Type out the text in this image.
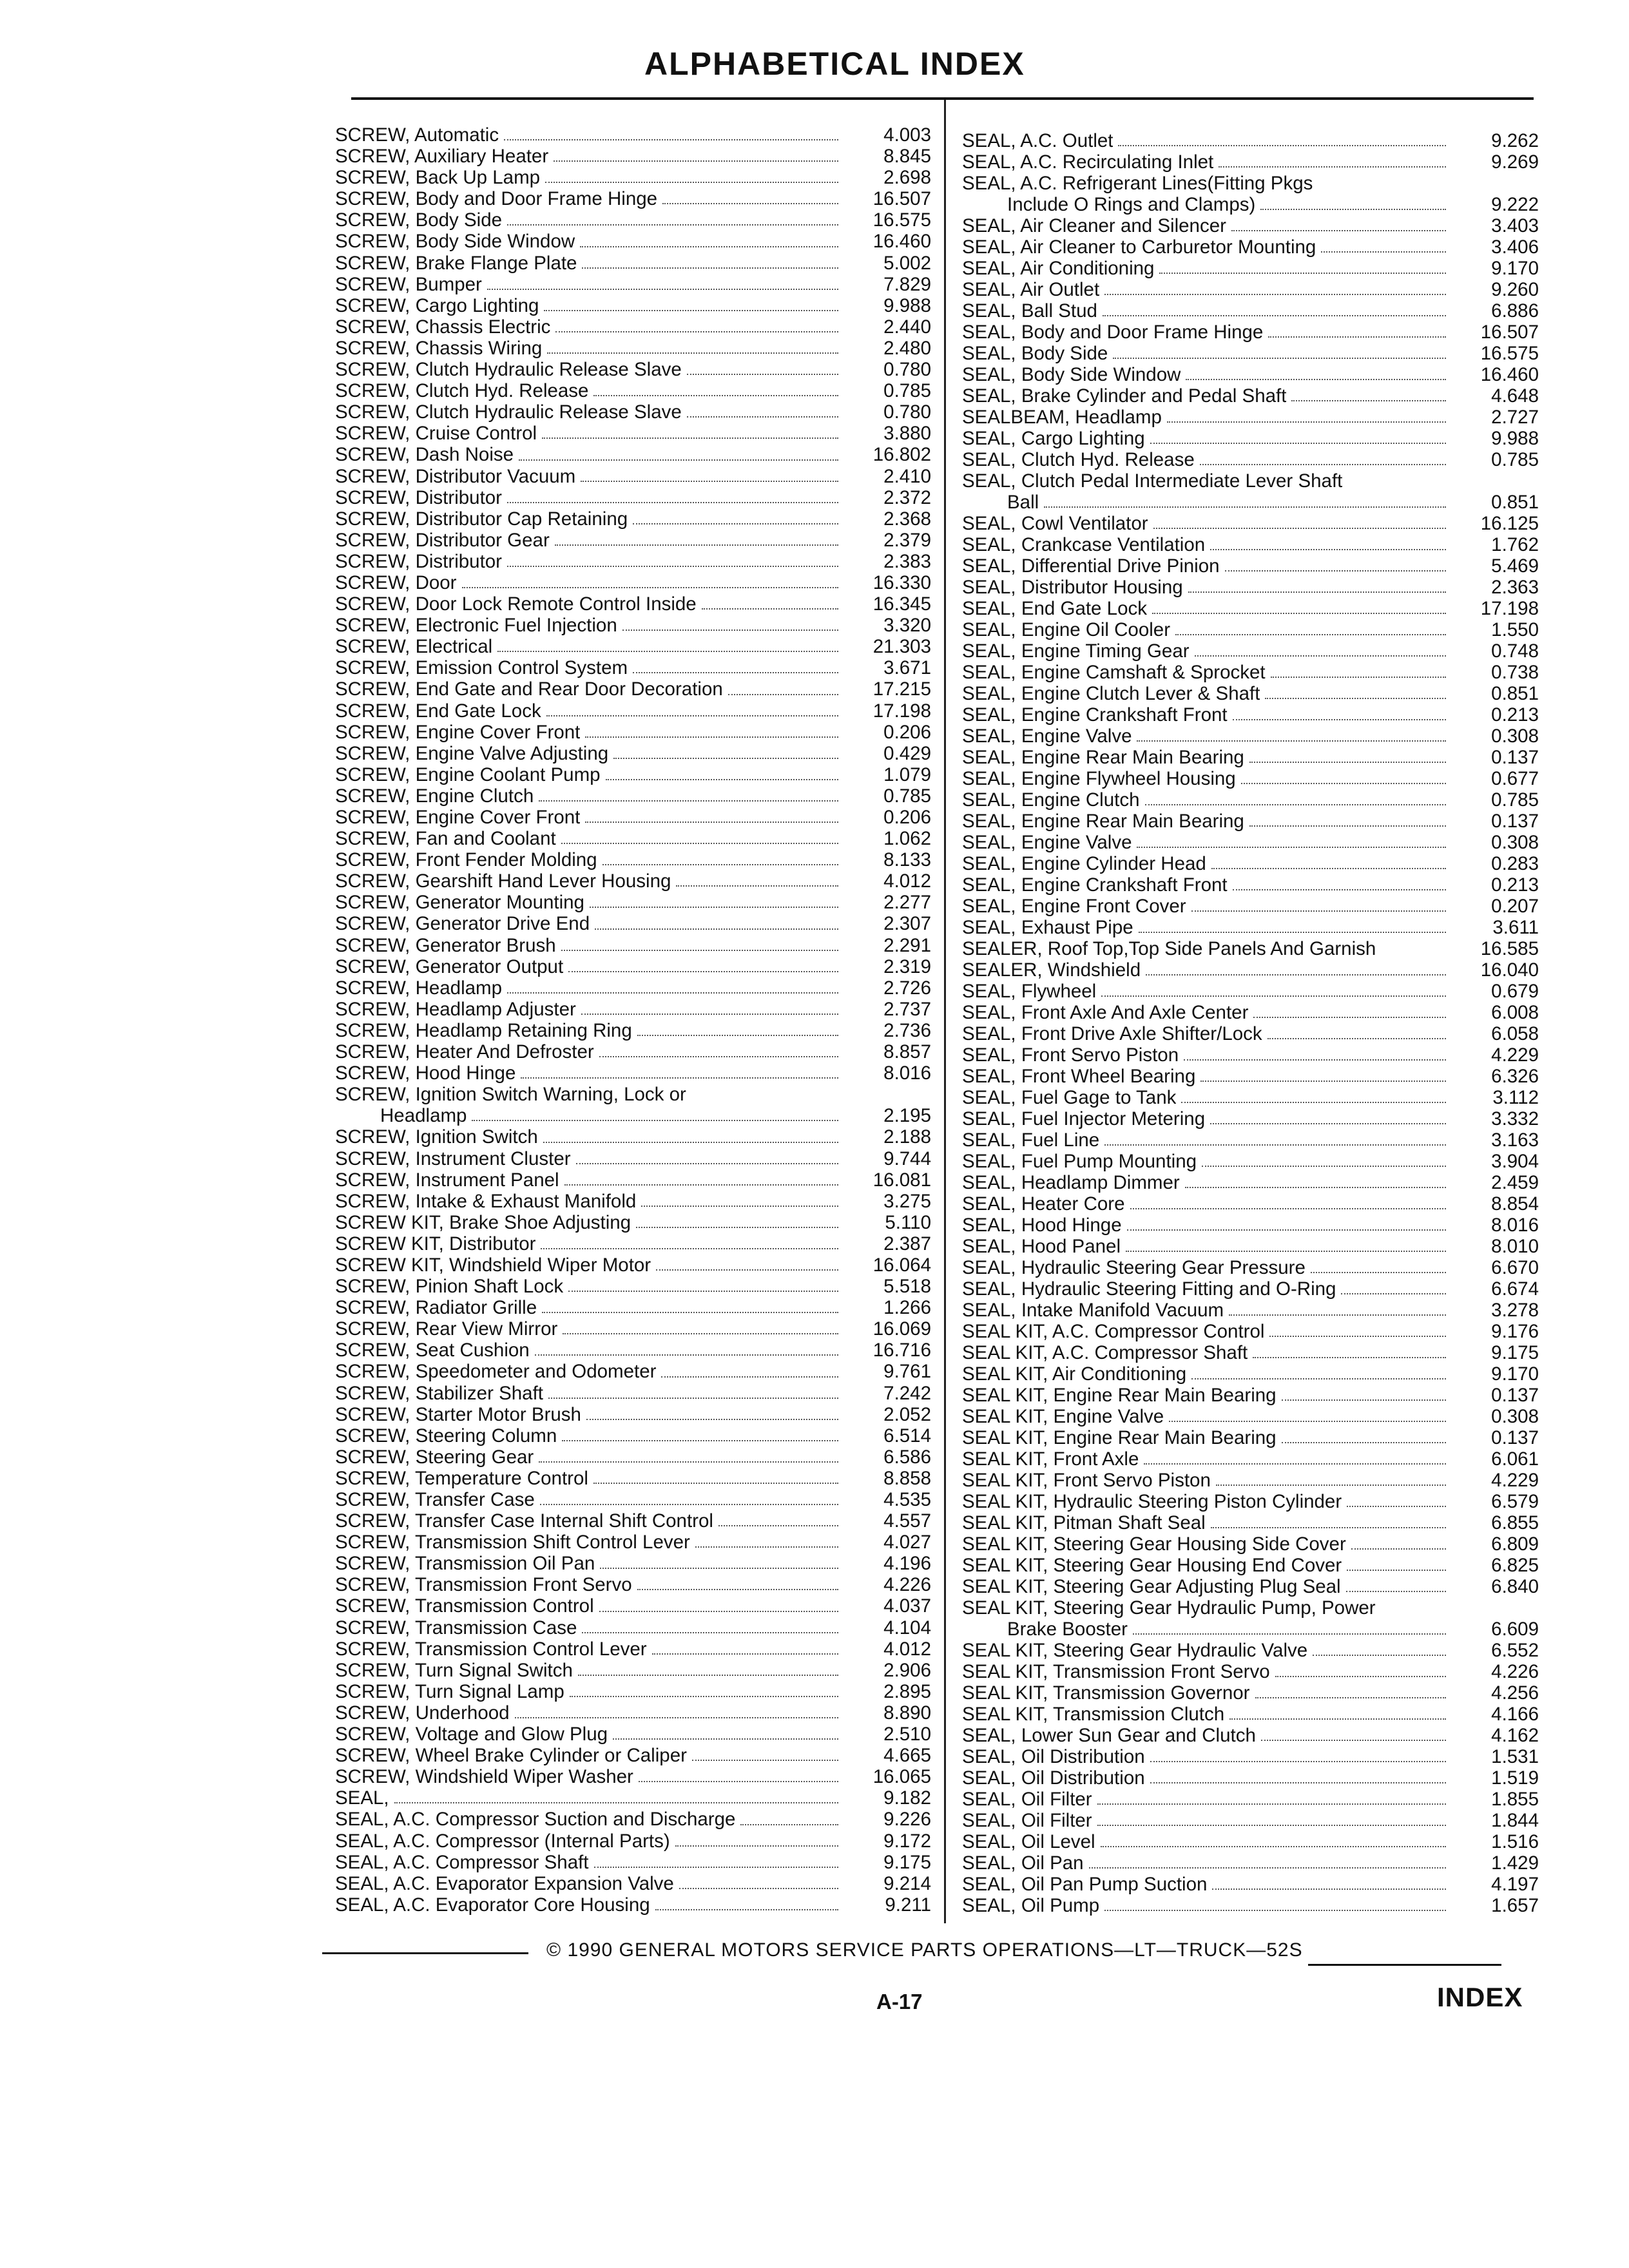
ALPHABETICAL INDEX
SCREW, Automatic	4.003
SCREW, Auxiliary Heater	8.845
SCREW, Back Up Lamp	2.698
SCREW, Body and Door Frame Hinge	16.507
SCREW, Body Side	16.575
SCREW, Body Side Window	16.460
SCREW, Brake Flange Plate	5.002
SCREW, Bumper	7.829
SCREW, Cargo Lighting	9.988
SCREW, Chassis Electric	2.440
SCREW, Chassis Wiring	2.480
SCREW, Clutch Hydraulic Release Slave	0.780
SCREW, Clutch Hyd. Release	0.785
SCREW, Clutch Hydraulic Release Slave	0.780
SCREW, Cruise Control	3.880
SCREW, Dash Noise	16.802
SCREW, Distributor Vacuum	2.410
SCREW, Distributor	2.372
SCREW, Distributor Cap Retaining	2.368
SCREW, Distributor Gear	2.379
SCREW, Distributor	2.383
SCREW, Door	16.330
SCREW, Door Lock Remote Control Inside	16.345
SCREW, Electronic Fuel Injection	3.320
SCREW, Electrical	21.303
SCREW, Emission Control System	3.671
SCREW, End Gate and Rear Door Decoration	17.215
SCREW, End Gate Lock	17.198
SCREW, Engine Cover Front	0.206
SCREW, Engine Valve Adjusting	0.429
SCREW, Engine Coolant Pump	1.079
SCREW, Engine Clutch	0.785
SCREW, Engine Cover Front	0.206
SCREW, Fan and Coolant	1.062
SCREW, Front Fender Molding	8.133
SCREW, Gearshift Hand Lever Housing	4.012
SCREW, Generator Mounting	2.277
SCREW, Generator Drive End	2.307
SCREW, Generator Brush	2.291
SCREW, Generator Output	2.319
SCREW, Headlamp	2.726
SCREW, Headlamp Adjuster	2.737
SCREW, Headlamp Retaining Ring	2.736
SCREW, Heater And Defroster	8.857
SCREW, Hood Hinge	8.016
SCREW, Ignition Switch Warning, Lock or
Headlamp	2.195
SCREW, Ignition Switch	2.188
SCREW, Instrument Cluster	9.744
SCREW, Instrument Panel	16.081
SCREW, Intake & Exhaust Manifold	3.275
SCREW KIT, Brake Shoe Adjusting	5.110
SCREW KIT, Distributor	2.387
SCREW KIT, Windshield Wiper Motor	16.064
SCREW, Pinion Shaft Lock	5.518
SCREW, Radiator Grille	1.266
SCREW, Rear View Mirror	16.069
SCREW, Seat Cushion	16.716
SCREW, Speedometer and Odometer	9.761
SCREW, Stabilizer Shaft	7.242
SCREW, Starter Motor Brush	2.052
SCREW, Steering Column	6.514
SCREW, Steering Gear	6.586
SCREW, Temperature Control	8.858
SCREW, Transfer Case	4.535
SCREW, Transfer Case Internal Shift Control	4.557
SCREW, Transmission Shift Control Lever	4.027
SCREW, Transmission Oil Pan	4.196
SCREW, Transmission Front Servo	4.226
SCREW, Transmission Control	4.037
SCREW, Transmission Case	4.104
SCREW, Transmission Control Lever	4.012
SCREW, Turn Signal Switch	2.906
SCREW, Turn Signal Lamp	2.895
SCREW, Underhood	8.890
SCREW, Voltage and Glow Plug	2.510
SCREW, Wheel Brake Cylinder or Caliper	4.665
SCREW, Windshield Wiper Washer	16.065
SEAL,	9.182
SEAL, A.C. Compressor Suction and Discharge	9.226
SEAL, A.C. Compressor (Internal Parts)	9.172
SEAL, A.C. Compressor Shaft	9.175
SEAL, A.C. Evaporator Expansion Valve	9.214
SEAL, A.C. Evaporator Core Housing	9.211
SEAL, A.C. Outlet	9.262
SEAL, A.C. Recirculating Inlet	9.269
SEAL, A.C. Refrigerant Lines(Fitting Pkgs
Include O Rings and Clamps)	9.222
SEAL, Air Cleaner and Silencer	3.403
SEAL, Air Cleaner to Carburetor Mounting	3.406
SEAL, Air Conditioning	9.170
SEAL, Air Outlet	9.260
SEAL, Ball Stud	6.886
SEAL, Body and Door Frame Hinge	16.507
SEAL, Body Side	16.575
SEAL, Body Side Window	16.460
SEAL, Brake Cylinder and Pedal Shaft	4.648
SEALBEAM, Headlamp	2.727
SEAL, Cargo Lighting	9.988
SEAL, Clutch Hyd. Release	0.785
SEAL, Clutch Pedal Intermediate Lever Shaft
Ball	0.851
SEAL, Cowl Ventilator	16.125
SEAL, Crankcase Ventilation	1.762
SEAL, Differential Drive Pinion	5.469
SEAL, Distributor Housing	2.363
SEAL, End Gate Lock	17.198
SEAL, Engine Oil Cooler	1.550
SEAL, Engine Timing Gear	0.748
SEAL, Engine Camshaft & Sprocket	0.738
SEAL, Engine Clutch Lever & Shaft	0.851
SEAL, Engine Crankshaft Front	0.213
SEAL, Engine Valve	0.308
SEAL, Engine Rear Main Bearing	0.137
SEAL, Engine Flywheel Housing	0.677
SEAL, Engine Clutch	0.785
SEAL, Engine Rear Main Bearing	0.137
SEAL, Engine Valve	0.308
SEAL, Engine Cylinder Head	0.283
SEAL, Engine Crankshaft Front	0.213
SEAL, Engine Front Cover	0.207
SEAL, Exhaust Pipe	3.611
SEALER, Roof Top,Top Side Panels And Garnish	16.585
SEALER, Windshield	16.040
SEAL, Flywheel	0.679
SEAL, Front Axle And Axle Center	6.008
SEAL, Front Drive Axle Shifter/Lock	6.058
SEAL, Front Servo Piston	4.229
SEAL, Front Wheel Bearing	6.326
SEAL, Fuel Gage to Tank	3.112
SEAL, Fuel Injector Metering	3.332
SEAL, Fuel Line	3.163
SEAL, Fuel Pump Mounting	3.904
SEAL, Headlamp Dimmer	2.459
SEAL, Heater Core	8.854
SEAL, Hood Hinge	8.016
SEAL, Hood Panel	8.010
SEAL, Hydraulic Steering Gear Pressure	6.670
SEAL, Hydraulic Steering Fitting and O-Ring	6.674
SEAL, Intake Manifold Vacuum	3.278
SEAL KIT, A.C. Compressor Control	9.176
SEAL KIT, A.C. Compressor Shaft	9.175
SEAL KIT, Air Conditioning	9.170
SEAL KIT, Engine Rear Main Bearing	0.137
SEAL KIT, Engine Valve	0.308
SEAL KIT, Engine Rear Main Bearing	0.137
SEAL KIT, Front Axle	6.061
SEAL KIT, Front Servo Piston	4.229
SEAL KIT, Hydraulic Steering Piston Cylinder	6.579
SEAL KIT, Pitman Shaft Seal	6.855
SEAL KIT, Steering Gear Housing Side Cover	6.809
SEAL KIT, Steering Gear Housing End Cover	6.825
SEAL KIT, Steering Gear Adjusting Plug Seal	6.840
SEAL KIT, Steering Gear Hydraulic Pump, Power
Brake Booster	6.609
SEAL KIT, Steering Gear Hydraulic Valve	6.552
SEAL KIT, Transmission Front Servo	4.226
SEAL KIT, Transmission Governor	4.256
SEAL KIT, Transmission Clutch	4.166
SEAL, Lower Sun Gear and Clutch	4.162
SEAL, Oil Distribution	1.531
SEAL, Oil Distribution	1.519
SEAL, Oil Filter	1.855
SEAL, Oil Filter	1.844
SEAL, Oil Level	1.516
SEAL, Oil Pan	1.429
SEAL, Oil Pan Pump Suction	4.197
SEAL, Oil Pump	1.657
© 1990 GENERAL MOTORS SERVICE PARTS OPERATIONS—LT—TRUCK—52S
A-17	INDEX
